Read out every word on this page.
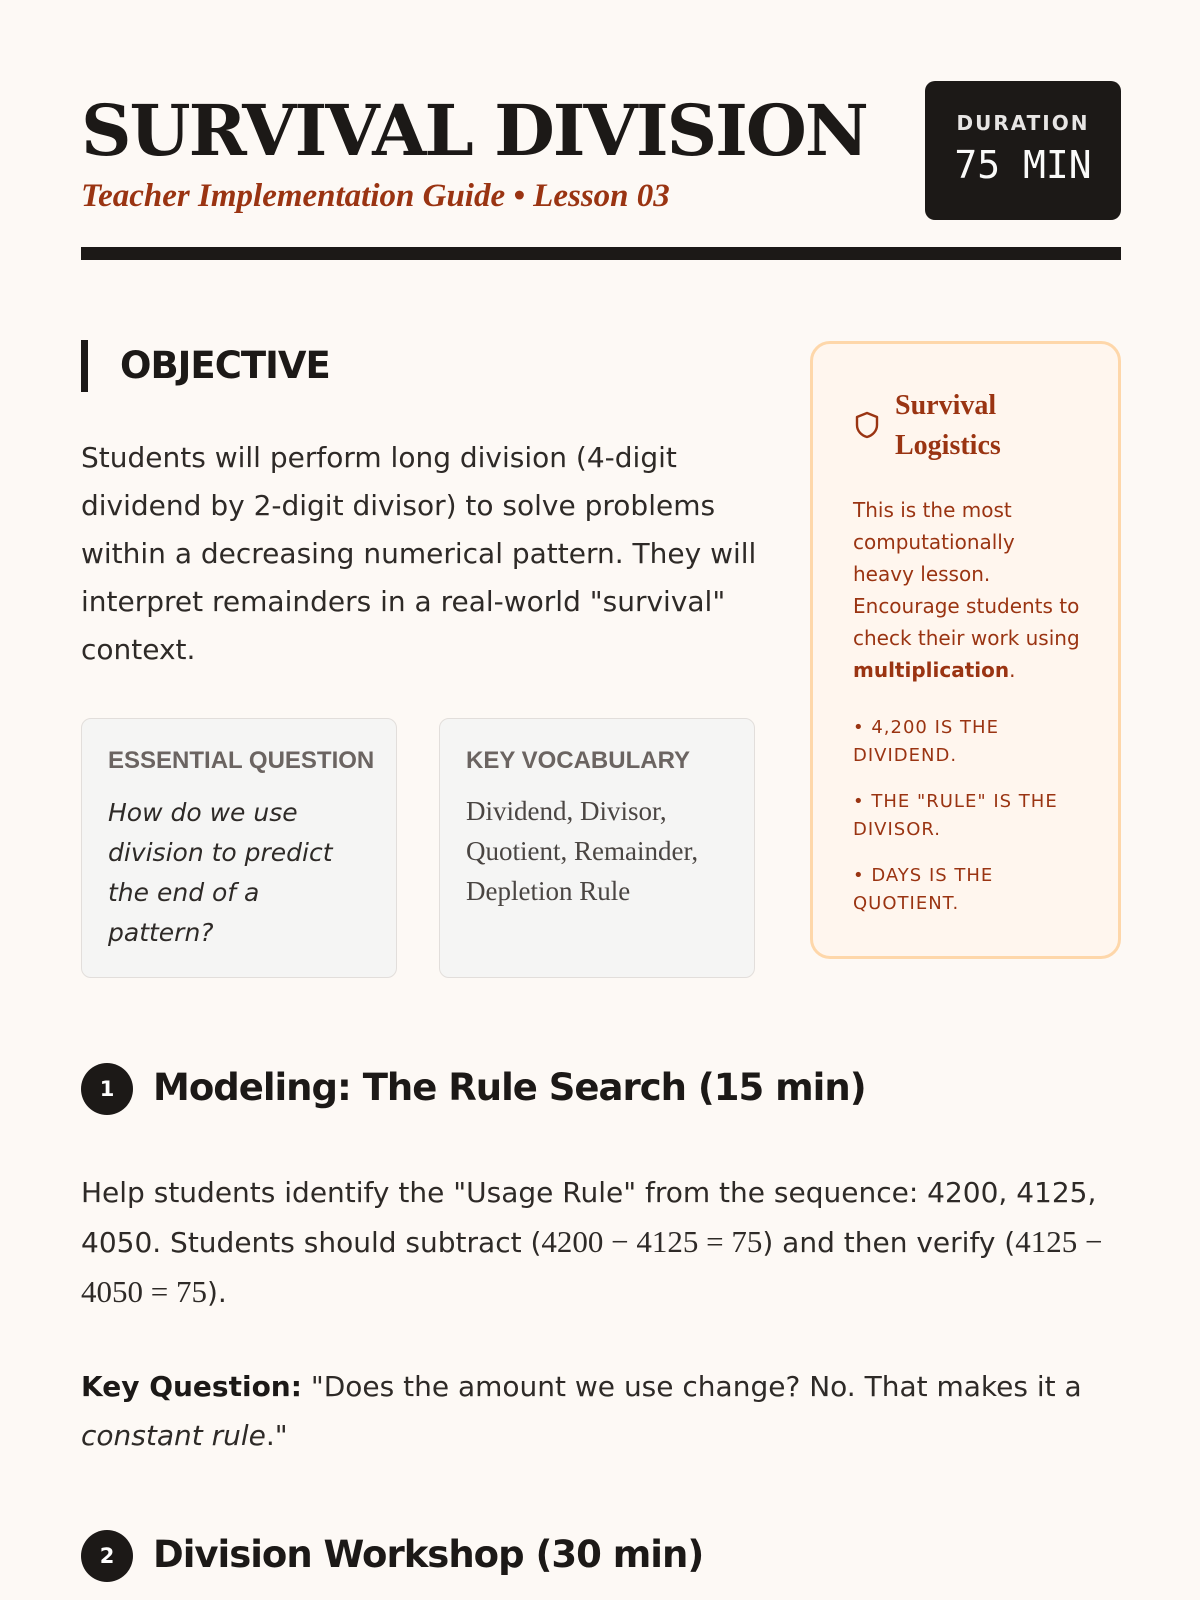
SURVIVAL DIVISION
Teacher Implementation Guide • Lesson 03
DURATION
75 MIN
OBJECTIVE

Students will perform long division (4-digit dividend by 2-digit divisor) to solve problems within a decreasing numerical pattern. They will interpret remainders in a real-world "survival" context.

ESSENTIAL QUESTION
How do we use division to predict the end of a pattern?
KEY VOCABULARY
Dividend, Divisor, Quotient, Remainder, Depletion Rule
Survival Logistics
This is the most computationally heavy lesson. Encourage students to check their work using multiplication.
• 4,200 IS THE DIVIDEND.
• THE "RULE" IS THE DIVISOR.
• DAYS IS THE QUOTIENT.
1	Modeling: The Rule Search (15 min)

Help students identify the "Usage Rule" from the sequence: 4200, 4125, 4050. Students should subtract (4200 − 4125 = 75) and then verify (4125 − 4050 = 75).

Key Question: "Does the amount we use change? No. That makes it a constant rule."

2	Division Workshop (30 min)
